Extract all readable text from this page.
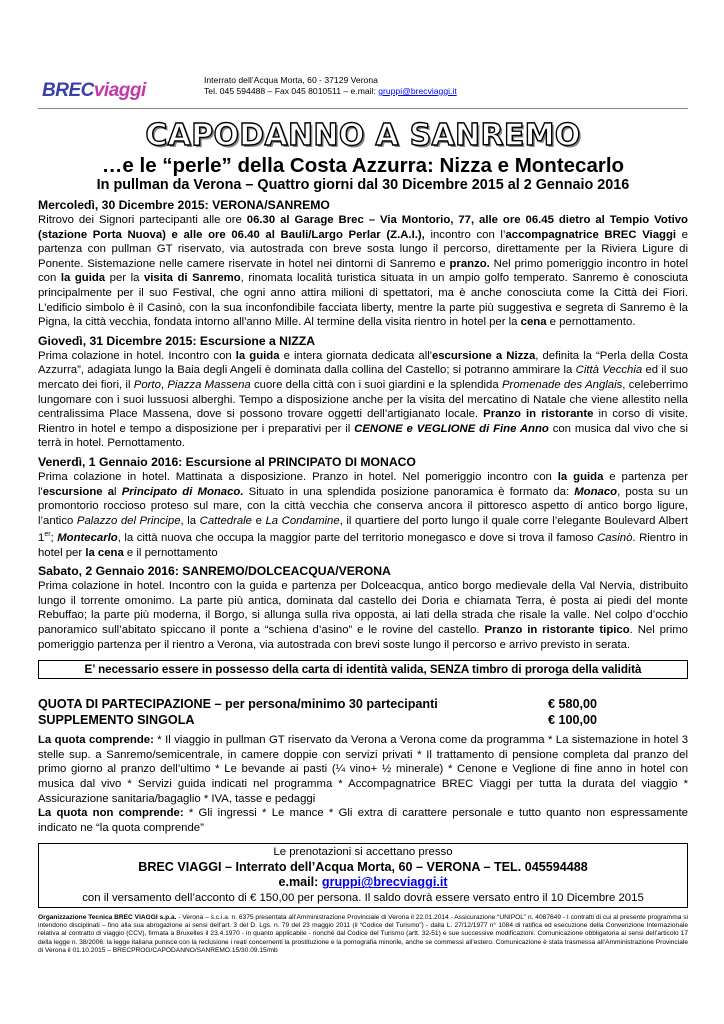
BRECviaggi	Interrato dell’Acqua Morta, 60 - 37129 Verona
Tel. 045 594488 – Fax 045 8010511 – e.mail: gruppi@brecviaggi.it
CAPODANNO A SANREMO
…e le “perle” della Costa Azzurra: Nizza e Montecarlo
In pullman da Verona – Quattro giorni dal 30 Dicembre 2015 al 2 Gennaio 2016
Mercoledì, 30 Dicembre 2015: VERONA/SANREMO

Ritrovo dei Signori partecipanti alle ore 06.30 al Garage Brec – Via Montorio, 77, alle ore 06.45 dietro al Tempio Votivo (stazione Porta Nuova) e alle ore 06.40 al Bauli/Largo Perlar (Z.A.I.), incontro con l’accompagnatrice BREC Viaggi e partenza con pullman GT riservato, via autostrada con breve sosta lungo il percorso, direttamente per la Riviera Ligure di Ponente. Sistemazione nelle camere riservate in hotel nei dintorni di Sanremo e pranzo. Nel primo pomeriggio incontro in hotel con la guida per la visita di Sanremo, rinomata località turistica situata in un ampio golfo temperato. Sanremo è conosciuta principalmente per il suo Festival, che ogni anno attira milioni di spettatori, ma è anche conosciuta come la Città dei Fiori. L'edificio simbolo è il Casinò, con la sua inconfondibile facciata liberty, mentre la parte più suggestiva e segreta di Sanremo è la Pigna, la città vecchia, fondata intorno all'anno Mille. Al termine della visita rientro in hotel per la cena e pernottamento.

Giovedì, 31 Dicembre 2015: Escursione a NIZZA

Prima colazione in hotel. Incontro con la guida e intera giornata dedicata all'escursione a Nizza, definita la “Perla della Costa Azzurra”, adagiata lungo la Baia degli Angeli è dominata dalla collina del Castello; si potranno ammirare la Città Vecchia ed il suo mercato dei fiori, il Porto, Piazza Massena cuore della città con i suoi giardini e la splendida Promenade des Anglais, celeberrimo lungomare con i suoi lussuosi alberghi. Tempo a disposizione anche per la visita del mercatino di Natale che viene allestito nella centralissima Place Massena, dove si possono trovare oggetti dell’artigianato locale. Pranzo in ristorante in corso di visite. Rientro in hotel e tempo a disposizione per i preparativi per il CENONE e VEGLIONE di Fine Anno con musica dal vivo che si terrà in hotel. Pernottamento.

Venerdì, 1 Gennaio 2016: Escursione al PRINCIPATO DI MONACO

Prima colazione in hotel. Mattinata a disposizione. Pranzo in hotel. Nel pomeriggio incontro con la guida e partenza per l'escursione al Principato di Monaco. Situato in una splendida posizione panoramica è formato da: Monaco, posta su un promontorio roccioso proteso sul mare, con la città vecchia che conserva ancora il pittoresco aspetto di antico borgo ligure, l’antico Palazzo del Principe, la Cattedrale e La Condamine, il quartiere del porto lungo il quale corre l’elegante Boulevard Albert 1er; Montecarlo, la città nuova che occupa la maggior parte del territorio monegasco e dove si trova il famoso Casinò. Rientro in hotel per la cena e il pernottamento

Sabato, 2 Gennaio 2016: SANREMO/DOLCEACQUA/VERONA

Prima colazione in hotel. Incontro con la guida e partenza per Dolceacqua, antico borgo medievale della Val Nervia, distribuito lungo il torrente omonimo. La parte più antica, dominata dal castello dei Doria e chiamata Terra, è posta ai piedi del monte Rebuffao; la parte più moderna, il Borgo, si allunga sulla riva opposta, ai lati della strada che risale la valle. Nel colpo d’occhio panoramico sull’abitato spiccano il ponte a “schiena d’asino” e le rovine del castello. Pranzo in ristorante tipico. Nel primo pomeriggio partenza per il rientro a Verona, via autostrada con brevi soste lungo il percorso e arrivo previsto in serata.

E’ necessario essere in possesso della carta di identità valida, SENZA timbro di proroga della validità
QUOTA DI PARTECIPAZIONE – per persona/minimo 30 partecipanti	€ 580,00
SUPPLEMENTO SINGOLA	€ 100,00
La quota comprende: * Il viaggio in pullman GT riservato da Verona a Verona come da programma * La sistemazione in hotel 3 stelle sup. a Sanremo/semicentrale, in camere doppie con servizi privati * Il trattamento di pensione completa dal pranzo del primo giorno al pranzo dell’ultimo * Le bevande ai pasti (¼ vino+ ½ minerale) * Cenone e Veglione di fine anno in hotel con musica dal vivo * Servizi guida indicati nel programma * Accompagnatrice BREC Viaggi per tutta la durata del viaggio * Assicurazione sanitaria/bagaglio * IVA, tasse e pedaggi
La quota non comprende: * Gli ingressi * Le mance * Gli extra di carattere personale e tutto quanto non espressamente indicato ne “la quota comprende”
Le prenotazioni si accettano presso
BREC VIAGGI – Interrato dell’Acqua Morta, 60 – VERONA – TEL. 045594488
e.mail: gruppi@brecviaggi.it
con il versamento dell’acconto di € 150,00 per persona. Il saldo dovrà essere versato entro il 10 Dicembre 2015
Organizzazione Tecnica BREC VIAGGI s.p.a. - Verona – s.c.i.a. n. 6375 presentata all’Amministrazione Provinciale di Verona il 22.01.2014 - Assicurazione “UNIPOL” n. 4087649 - I contratti di cui al presente programma si intendono disciplinati – fino alla sua abrogazione ai sensi dell’art. 3 del D. Lgs. n. 79 del 23 maggio 2011 (il “Codice del Turismo”) - dalla L. 27/12/1977 n° 1084 di ratifica ed esecuzione della Convenzione Internazionale relativa al contratto di viaggio (CCV), firmata a Bruxelles il 23.4.1970 - in quanto applicabile - nonché dal Codice del Turismo (artt. 32-51) e sue successive modificazioni. Comunicazione obbligatoria ai sensi dell’articolo 17 della legge n. 38/2006: la legge italiana punisce con la reclusione i reati concernenti la prostituzione e la pornografia minorile, anche se commessi all’estero. Comunicazione è stata trasmessa all’Amministrazione Provinciale di Verona il 01.10.2015 – BRECPROG/CAPODANNO/SANREMO.15/30.09.15/mb
